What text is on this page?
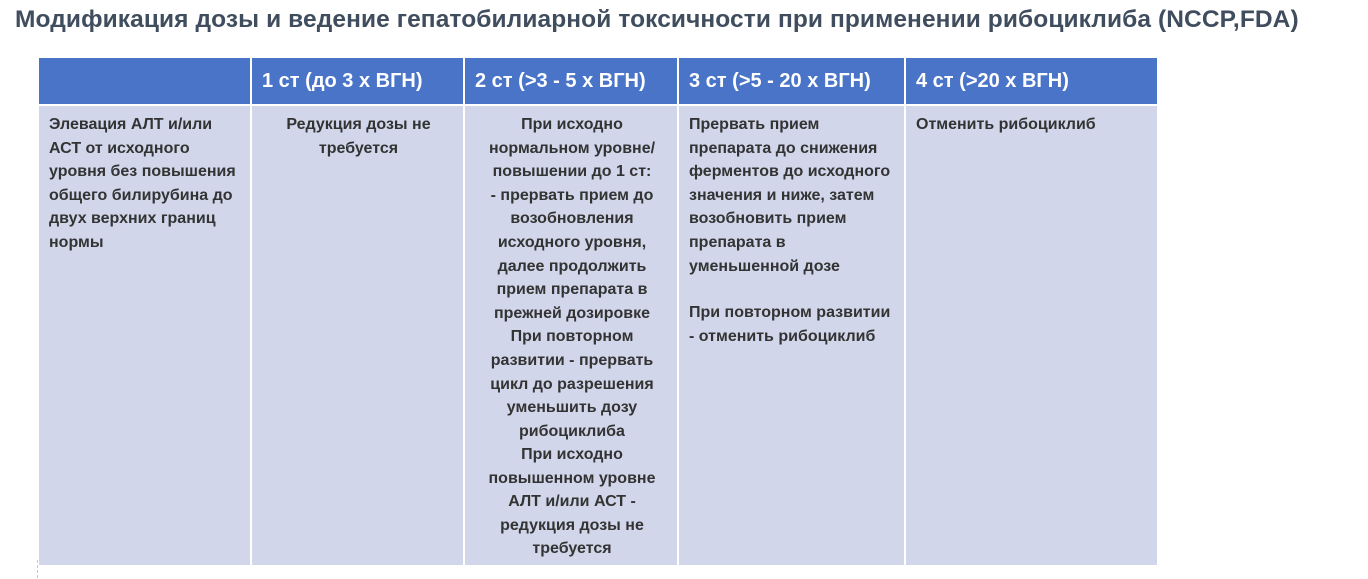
Модификация дозы и ведение гепатобилиарной токсичности при применении рибоциклиба (NCCP,FDA)
	1 ст (до 3 х ВГН)	2 ст (>3 - 5 х ВГН)	3 ст (>5 - 20 х ВГН)	4 ст (>20 х ВГН)
Элевация АЛТ и/или АСТ от исходного уровня без повышения общего билирубина до двух верхних границ нормы	Редукция дозы не требуется	При исходно нормальном уровне/повышении до 1 ст:
- прервать прием до возобновления исходного уровня, далее продолжить прием препарата в прежней дозировке
При повторном развитии - прервать цикл до разрешения уменьшить дозу рибоциклиба
При исходно повышенном уровне АЛТ и/или АСТ - редукция дозы не требуется	Прервать прием препарата до снижения ферментов до исходного значения и ниже, затем возобновить прием препарата в уменьшенной дозе
При повторном развитии - отменить рибоциклиб	Отменить рибоциклиб
